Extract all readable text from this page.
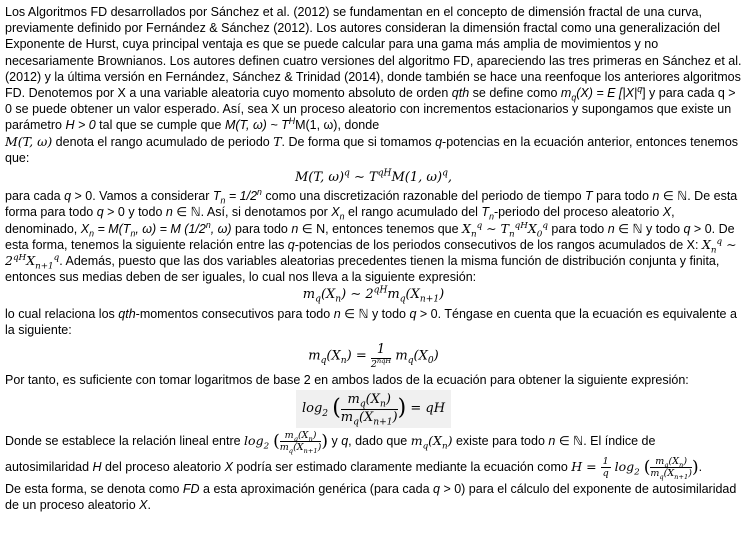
Los Algoritmos FD desarrollados por Sánchez et al. (2012) se fundamentan en el concepto de dimensión fractal de una curva, previamente definido por Fernández & Sánchez (2012). Los autores consideran la dimensión fractal como una generalización del Exponente de Hurst, cuya principal ventaja es que se puede calcular para una gama más amplia de movimientos y no necesariamente Brownianos. Los autores definen cuatro versiones del algoritmo FD, apareciendo las tres primeras en Sánchez et al. (2012) y la última versión en Fernández, Sánchez & Trinidad (2014), donde también se hace una reenfoque los anteriores algoritmos FD. Denotemos por X a una variable aleatoria cuyo momento absoluto de orden qth se define como $m_q(X) = E$ $[|X|^q]$ y para cada q > 0 se puede obtener un valor esperado. Así, sea X un proceso aleatorio con incrementos estacionarios y supongamos que existe un parámetro H > 0 tal que se cumple que M(T, ω) ~ $T^HM(1$, ω), donde
M(T, ω) denota el rango acumulado de periodo T. De forma que si tomamos q-potencias en la ecuación anterior, entonces tenemos que:

M(T, ω)$^q$ ∼ $T^{qH}M(1$, ω)$^q$,

para cada q > 0. Vamos a considerar $T_n = 1/2^n$ como una discretización razonable del periodo de tiempo T para todo n ∈ ℕ. De esta forma para todo q > 0 y todo n ∈ ℕ. Así, si denotamos por $X_n$ el rango acumulado del $T_n$-periodo del proceso aleatorio X, denominado, $X_n = M(T_n$, ω) = M (1/2$^n$, ω) para todo n ∈ N, entonces tenemos que $X_n^q$ ∼ $T_n^{qH}X_0^q$ para todo n ∈ ℕ y todo q > 0. De esta forma, tenemos la siguiente relación entre las q-potencias de los periodos consecutivos de los rangos acumulados de X: $X_n^q$ ∼ $2^{qH}X_{n+1}^q$. Además, puesto que las dos variables aleatorias precedentes tienen la misma función de distribución conjunta y finita, entonces sus medias deben de ser iguales, lo cual nos lleva a la siguiente expresión:

$m_q(X_n)$ ∼ $2^{qH}m_q(X_{n+1})$

lo cual relaciona los qth-momentos consecutivos para todo n ∈ ℕ y todo q > 0. Téngase en cuenta que la ecuación es equivalente a la siguiente:

$m_q(X_n) = \frac{1}{2^{nqH}} m_q(X_0)$

Por tanto, es suficiente con tomar logaritmos de base 2 en ambos lados de la ecuación para obtener la siguiente expresión:

$\log_2$ ( $\frac{m_q(X_n)}{m_q(X_{n+1})}$ ) = qH

Donde se establece la relación lineal entre $\log_2$ ( $\frac{m_q(X_n)}{m_q(X_{n+1})}$ ) y q, dado que $m_q(X_n)$ existe para todo n ∈ ℕ. El índice de

autosimilaridad H del proceso aleatorio X podría ser estimado claramente mediante la ecuación como $H = \frac{1}{q} \log_2$ ( $\frac{m_q(X_n)}{m_q(X_{n+1})}$ ).

De esta forma, se denota como FD a esta aproximación genérica (para cada q > 0) para el cálculo del exponente de autosimilaridad de un proceso aleatorio X.
